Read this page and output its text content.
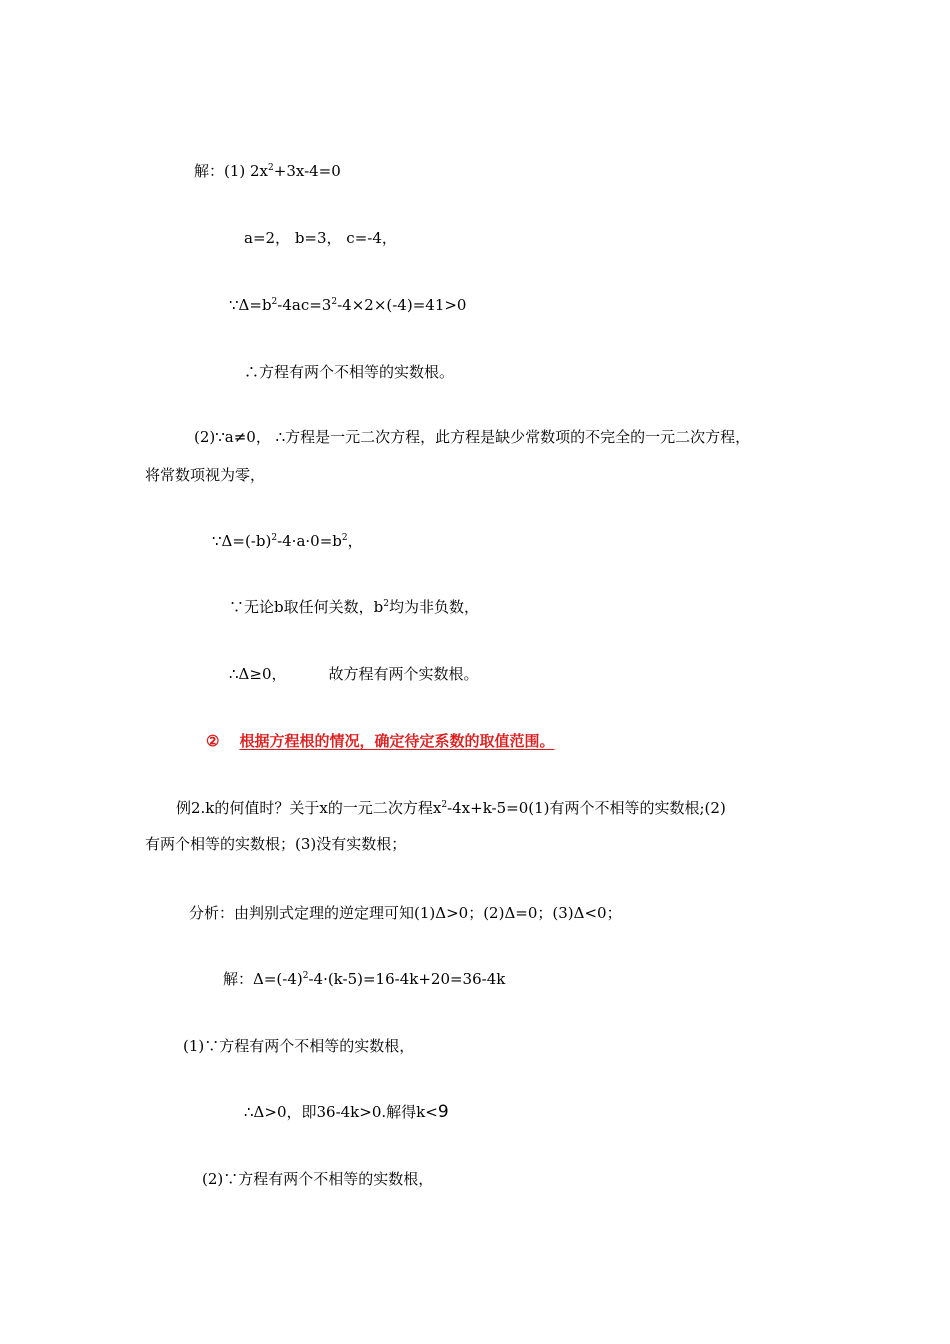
解：(1) $2x^2+3x-4=0$
a=2， b=3， c=-4，
$\because\Delta=b^2-4ac=3^2-4\times 2\times(-4)=41>0$
∴方程有两个不相等的实数根。
(2)∵a≠0， ∴方程是一元二次方程，此方程是缺少常数项的不完全的一元二次方程，
将常数项视为零，
$\because\Delta=(-b)^2-4\cdot a\cdot 0=b^2$，
∵无论b取任何关数，$b^2$均为非负数，
∴Δ≥0，	故方程有两个实数根。
② 根据方程根的情况，确定待定系数的取值范围。
例2.k的何值时？关于x的一元二次方程$x^2-4x+k-5=0(1)$有两个不相等的实数根;(2)
有两个相等的实数根；(3)没有实数根；
分析：由判别式定理的逆定理可知(1)Δ>0；(2)Δ=0；(3)Δ<0；
解：$\Delta=(-4)^2-4\cdot(k-5)=16-4k+20=36-4k$
(1)∵方程有两个不相等的实数根，
∴Δ>0，即36-4k>0.解得k<9
(2)∵方程有两个不相等的实数根，
